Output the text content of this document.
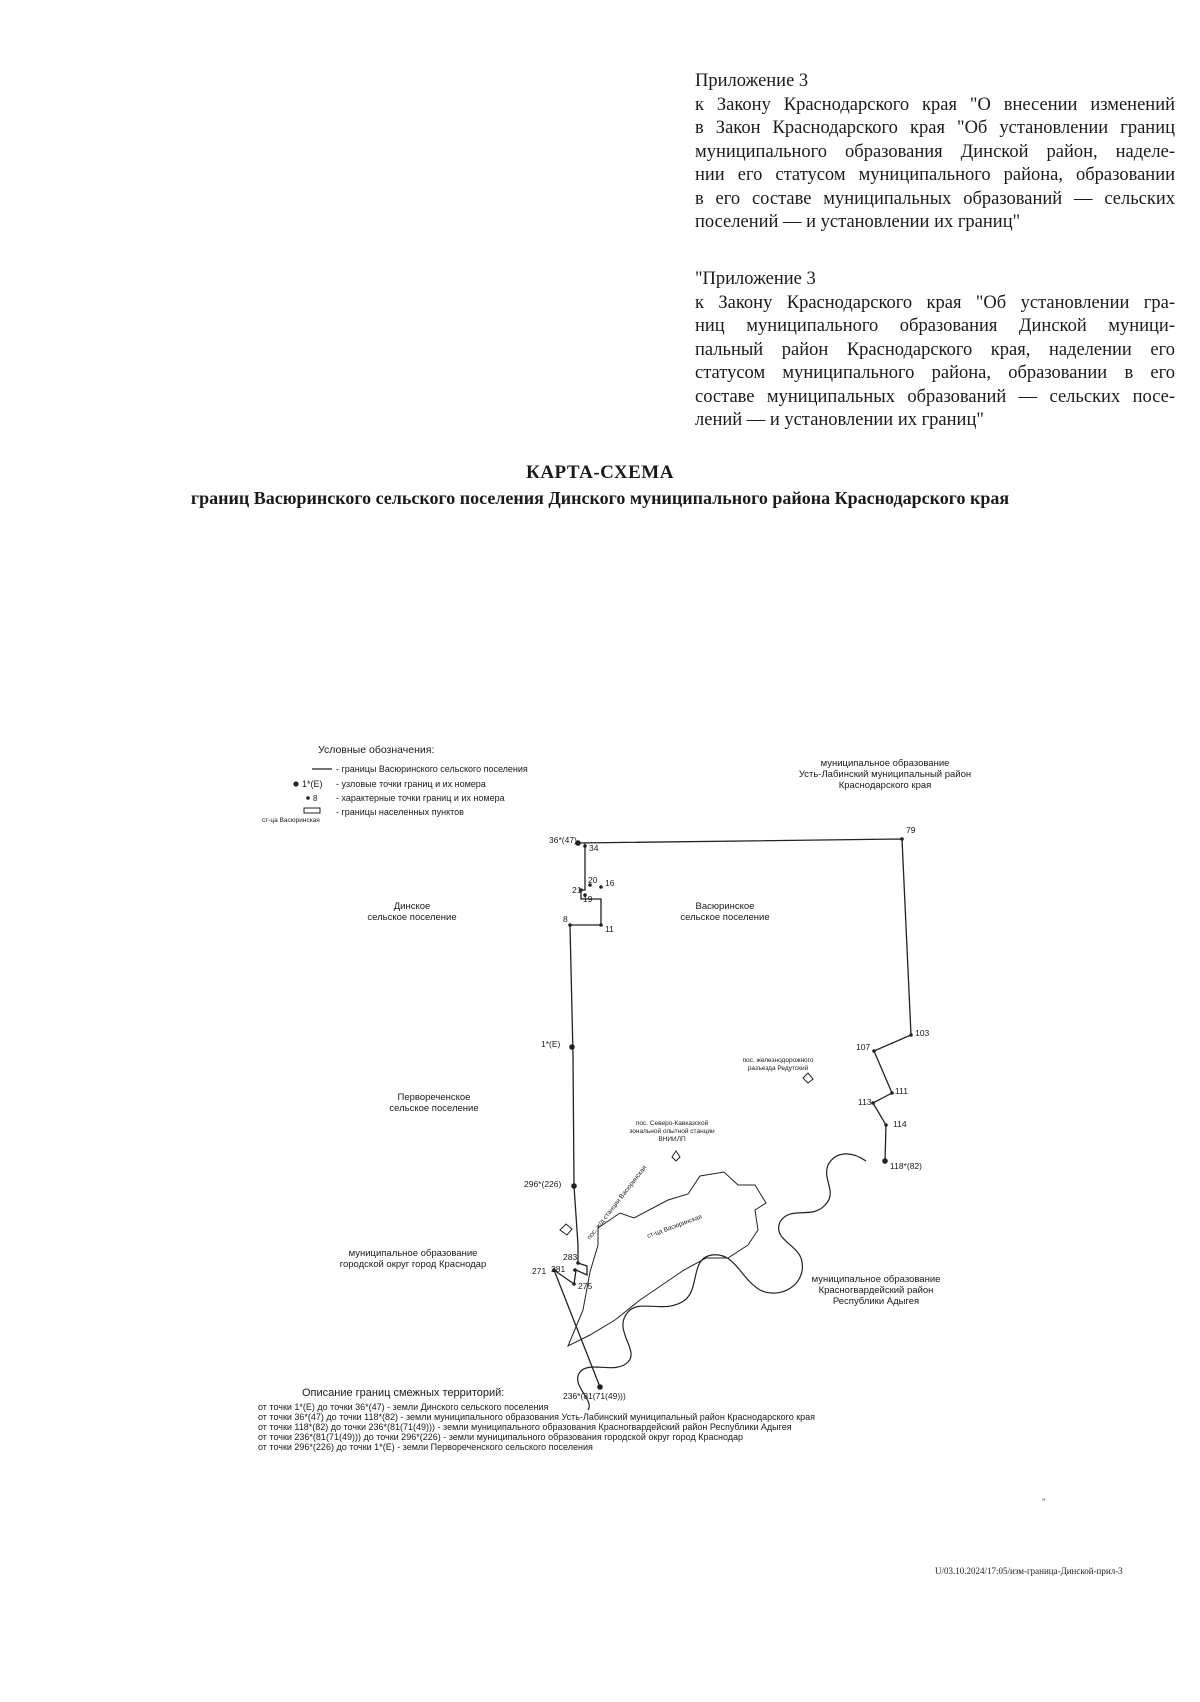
Приложение 3
к Закону Краснодарского края "О внесении изменений
в Закон Краснодарского края "Об установлении границ
муниципального образования Динской район, наделе-
нии его статусом муниципального района, образовании
в его составе муниципальных образований — сельских
поселений — и установлении их границ"
"Приложение 3
к Закону Краснодарского края "Об установлении гра-
ниц муниципального образования Динской муници-
пальный район Краснодарского края, наделении его
статусом муниципального района, образовании в его
составе муниципальных образований — сельских посе-
лений — и установлении их границ"
КАРТА-СХЕМА
границ Васюринского сельского поселения Динского муниципального района Краснодарского края
Условные обозначения:
- границы Васюринского сельского поселения
1*(Е) - узловые точки границ и их номера
8 - характерные точки границ и их номера
- границы населенных пунктов
ст-ца Васюринская
муниципальное образование
Усть-Лабинский муниципальный район
Краснодарского края
Динское
сельское поселение
Васюринское
сельское поселение
Первореченское
сельское поселение
муниципальное образование
городской округ город Краснодар
муниципальное образование
Красногвардейский район
Республики Адыгея
36*(47)
34
79
20
21
16
19
8
11
103
107
111
113
114
118*(82)
1*(Е)
296*(226)
283
281
275
271
236*(81(71(49)))
пос. железнодорожного
разъезда Редутский
пос. Северо-Кавказской
зональной опытной станции
ВНИИЛП
пос. ж/д станции Васюринская
ст-ца Васюринская
Описание границ смежных территорий:
от точки 1*(Е) до точки 36*(47) - земли Динского сельского поселения
от точки 36*(47) до точки 118*(82) - земли муниципального образования Усть-Лабинский муниципальный район Краснодарского края
от точки 118*(82) до точки 236*(81(71(49))) - земли муниципального образования Красногвардейский район Республики Адыгея
от точки 236*(81(71(49))) до точки 296*(226) - земли муниципального образования городской округ город Краснодар
от точки 296*(226) до точки 1*(Е) - земли Первореченского сельского поселения
"
U/03.10.2024/17:05/изм-граница-Динской-прил-3
